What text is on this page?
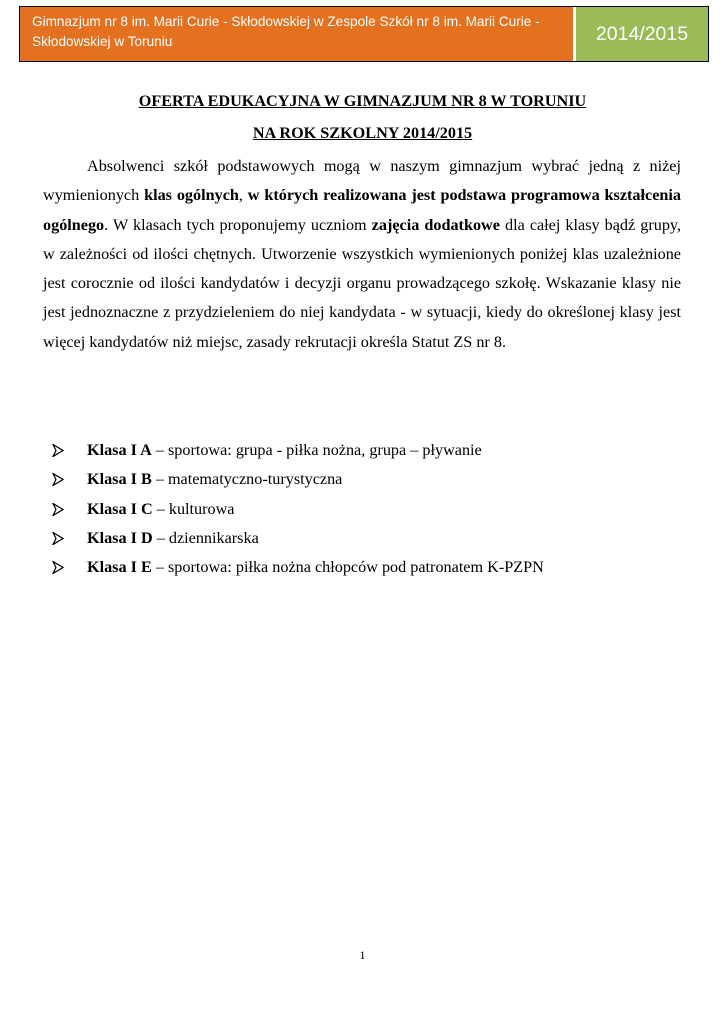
Gimnazjum nr 8 im. Marii Curie - Skłodowskiej w Zespole Szkół nr 8 im. Marii Curie - Skłodowskiej w Toruniu	2014/2015
OFERTA EDUKACYJNA W GIMNAZJUM NR 8 W TORUNIU
NA ROK SZKOLNY 2014/2015

Absolwenci szkół podstawowych mogą w naszym gimnazjum wybrać jedną z niżej wymienionych klas ogólnych, w których realizowana jest podstawa programowa kształcenia ogólnego. W klasach tych proponujemy uczniom zajęcia dodatkowe dla całej klasy bądź grupy, w zależności od ilości chętnych. Utworzenie wszystkich wymienionych poniżej klas uzależnione jest corocznie od ilości kandydatów i decyzji organu prowadzącego szkołę. Wskazanie klasy nie jest jednoznaczne z przydzieleniem do niej kandydata - w sytuacji, kiedy do określonej klasy jest więcej kandydatów niż miejsc, zasady rekrutacji określa Statut ZS nr 8.

Klasa I A – sportowa: grupa - piłka nożna, grupa – pływanie
Klasa I B – matematyczno-turystyczna
Klasa I C – kulturowa
Klasa I D – dziennikarska
Klasa I E – sportowa: piłka nożna chłopców pod patronatem K-PZPN
1
